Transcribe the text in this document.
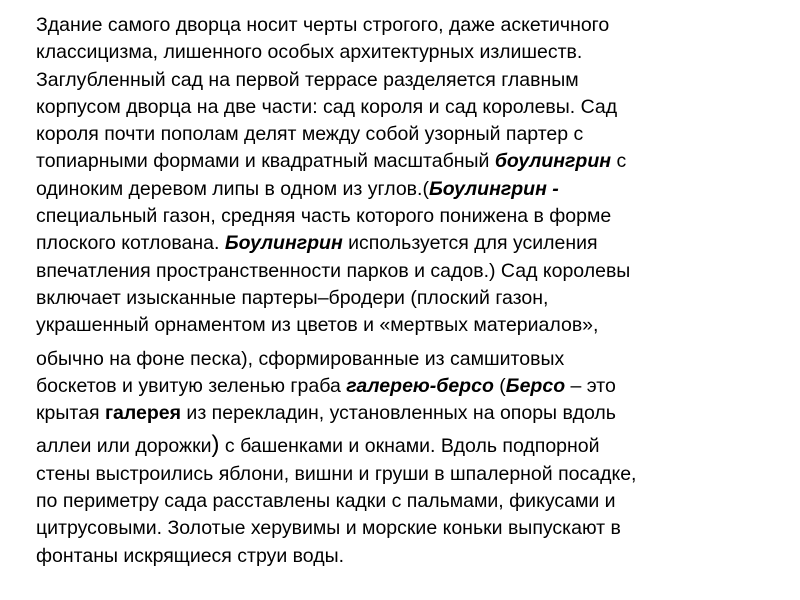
Здание самого дворца носит черты строгого, даже аскетичного
классицизма, лишенного особых архитектурных излишеств.
Заглубленный сад на первой террасе разделяется главным
корпусом дворца на две части: сад короля и сад королевы. Сад
короля почти пополам делят между собой узорный партер с
топиарными формами и квадратный масштабный боулингрин с
одиноким деревом липы в одном из углов.(Боулингрин -
специальный газон, средняя часть которого понижена в форме
плоского котлована. Боулингрин используется для усиления
впечатления пространственности парков и садов.) Сад королевы
включает изысканные партеры–бродери (плоский газон,
украшенный орнаментом из цветов и «мертвых материалов»,
обычно на фоне песка), сформированные из самшитовых
боскетов и увитую зеленью граба галерею-берсо (Берсо – это
крытая галерея из перекладин, установленных на опоры вдоль
аллеи или дорожки) с башенками и окнами. Вдоль подпорной
стены выстроились яблони, вишни и груши в шпалерной посадке,
по периметру сада расставлены кадки с пальмами, фикусами и
цитрусовыми. Золотые херувимы и морские коньки выпускают в
фонтаны искрящиеся струи воды.
